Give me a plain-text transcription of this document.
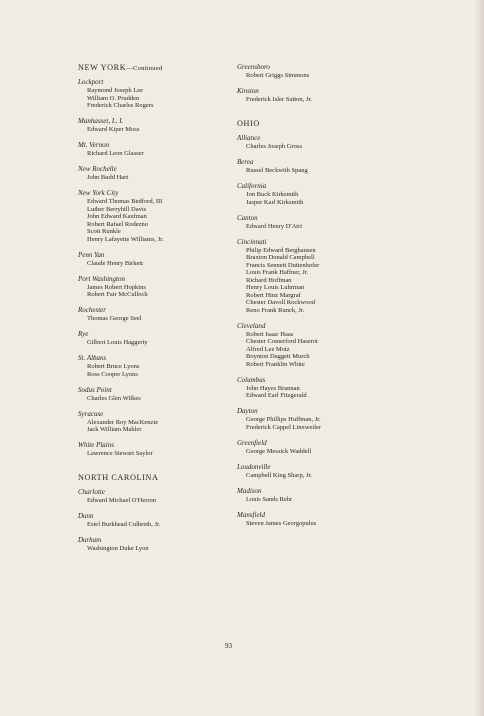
NEW YORK—Continued
Lockport
Raymond Joseph Lee
William O. Prudden
Frederick Charles Rogers
Manhasset, L. I.
Edward Kiper Moss
Mt. Vernon
Richard Leon Glasser
New Rochelle
John Budd Hart
New York City
Edward Thomas Bedford, III
Luther Berryhill Davis
John Edward Kaufman
Robert Rafael Rodezno
Scott Runkle
Henry Lafayette Williams, Jr.
Penn Yan
Claude Henry Birkett
Port Washington
James Robert Hopkins
Robert Fair McCulloch
Rochester
Thomas George Seel
Rye
Gilbert Louis Haggerty
St. Albans
Robert Bruce Lyons
Ross Cooper Lyons
Sodus Point
Charles Glen Wilkes
Syracuse
Alexander Roy MacKenzie
Jack William Mahler
White Plains
Lawrence Stewart Saylor
NORTH CAROLINA
Charlotte
Edward Michael O'Herron
Dunn
Estel Burkhead Culbreth, Jr.
Durham
Washington Duke Lyon
Greensboro
Robert Griggs Simmons
Kinston
Frederick Isler Sutton, Jr.
OHIO
Alliance
Charles Joseph Gross
Berea
Russel Beckwith Spang
California
Jon Buck Kirksmith
Jasper Karl Kirksmith
Canton
Edward Henry D'Atri
Cincinnati
Philip Edward Berghausen
Braxton Donald Campbell
Francis Sennett Duttenhofer
Louis Frank Haffner, Jr.
Richard Hoffman
Henry Louis Luhrman
Robert Hinz Margraf
Chester Davoll Rockwood
Reno Frank Runck, Jr.
Cleveland
Robert Isaac Haas
Chester Comerford Haserot
Alfred Lee Motz
Boynton Daggett Murch
Robert Franklin White
Columbus
John Hayes Brannan
Edward Earl Fitzgerald
Dayton
George Phillips Huffman, Jr.
Frederick Cappel Linxweiler
Greenfield
George Messick Waddell
Loudonville
Campbell King Sharp, Jr.
Madison
Louis Sands Rehr
Mansfield
Steven James Georgopulus
93
